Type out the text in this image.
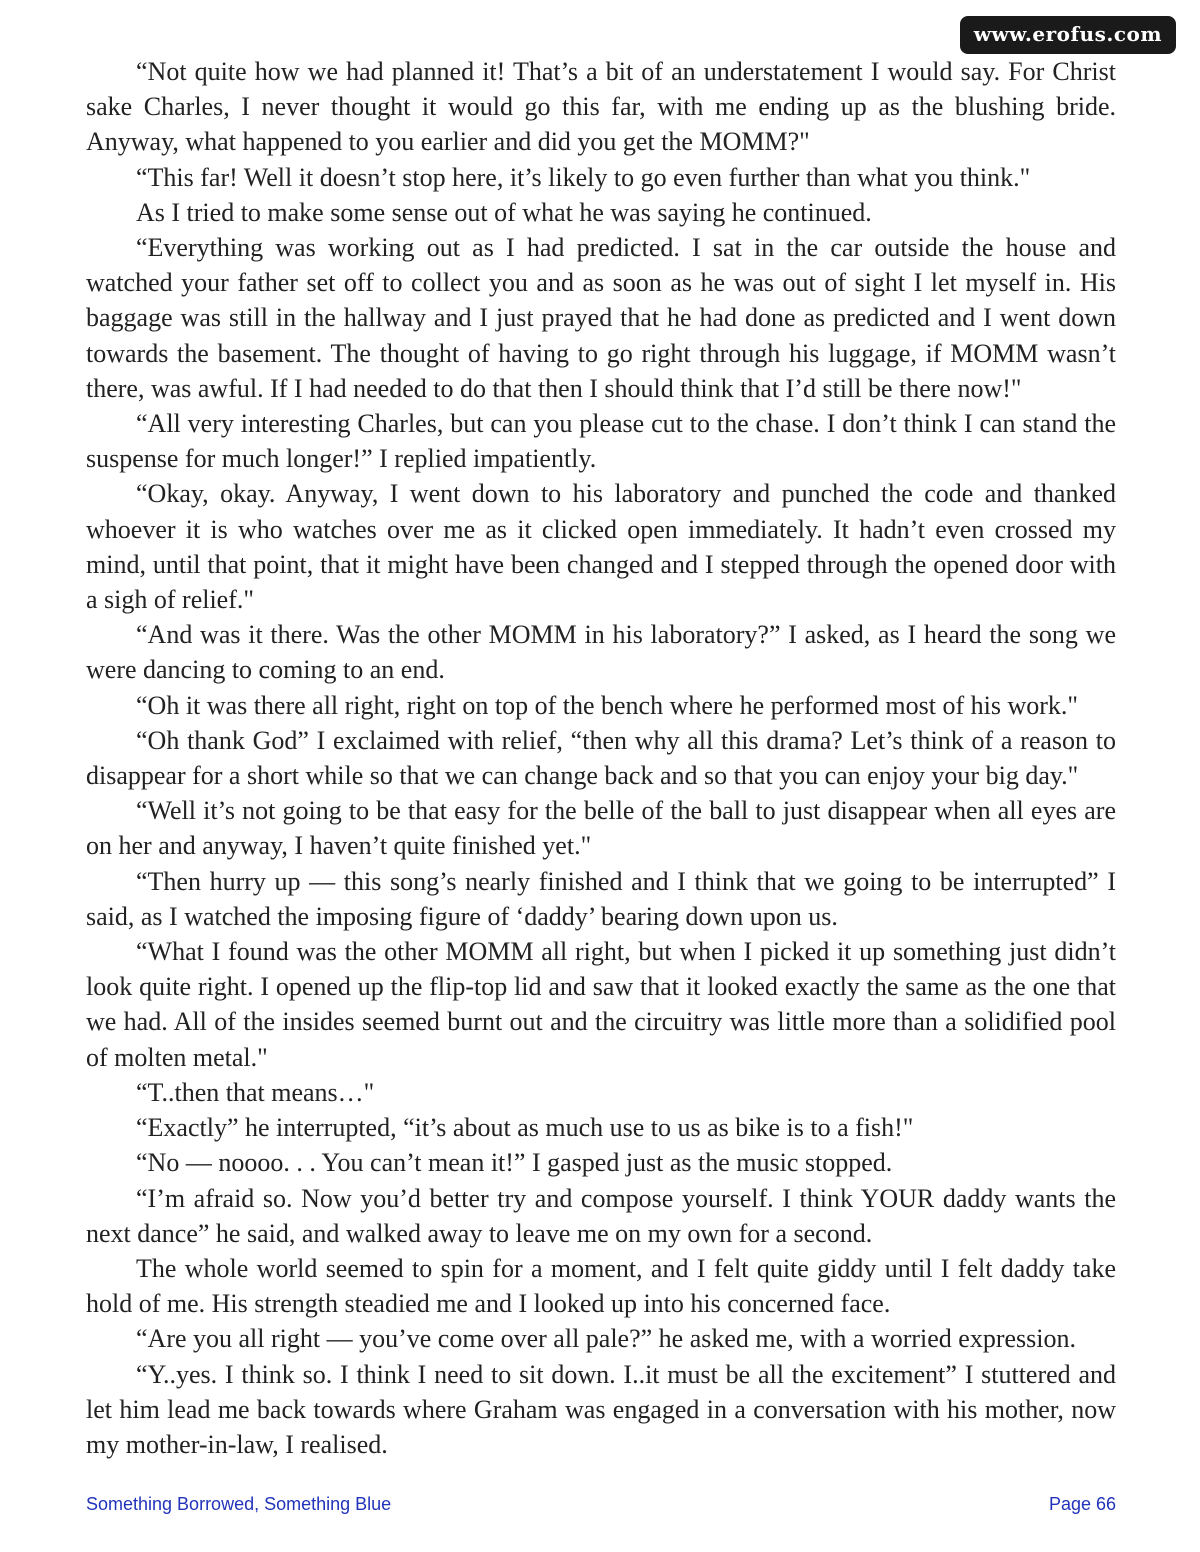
www.erofus.com

“Not quite how we had planned it! That’s a bit of an understatement I would say. For Christ sake Charles, I never thought it would go this far, with me ending up as the blushing bride. Anyway, what happened to you earlier and did you get the MOMM?"

“This far! Well it doesn’t stop here, it’s likely to go even further than what you think."

As I tried to make some sense out of what he was saying he continued.

“Everything was working out as I had predicted. I sat in the car outside the house and watched your father set off to collect you and as soon as he was out of sight I let myself in. His baggage was still in the hallway and I just prayed that he had done as predicted and I went down towards the basement. The thought of having to go right through his luggage, if MOMM wasn’t there, was awful. If I had needed to do that then I should think that I’d still be there now!"

“All very interesting Charles, but can you please cut to the chase. I don’t think I can stand the suspense for much longer!” I replied impatiently.

“Okay, okay. Anyway, I went down to his laboratory and punched the code and thanked whoever it is who watches over me as it clicked open immediately. It hadn’t even crossed my mind, until that point, that it might have been changed and I stepped through the opened door with a sigh of relief."

“And was it there. Was the other MOMM in his laboratory?” I asked, as I heard the song we were dancing to coming to an end.

“Oh it was there all right, right on top of the bench where he performed most of his work."

“Oh thank God” I exclaimed with relief, “then why all this drama? Let’s think of a reason to disappear for a short while so that we can change back and so that you can enjoy your big day."

“Well it’s not going to be that easy for the belle of the ball to just disappear when all eyes are on her and anyway, I haven’t quite finished yet."

“Then hurry up — this song’s nearly finished and I think that we going to be interrupted” I said, as I watched the imposing figure of ‘daddy’ bearing down upon us.

“What I found was the other MOMM all right, but when I picked it up something just didn’t look quite right. I opened up the flip-top lid and saw that it looked exactly the same as the one that we had. All of the insides seemed burnt out and the circuitry was little more than a solidified pool of molten metal."

“T..then that means…"

“Exactly” he interrupted, “it’s about as much use to us as bike is to a fish!"

“No — noooo. . . You can’t mean it!” I gasped just as the music stopped.

“I’m afraid so. Now you’d better try and compose yourself. I think YOUR daddy wants the next dance” he said, and walked away to leave me on my own for a second.

The whole world seemed to spin for a moment, and I felt quite giddy until I felt daddy take hold of me. His strength steadied me and I looked up into his concerned face.

“Are you all right — you’ve come over all pale?” he asked me, with a worried expression.

“Y..yes. I think so. I think I need to sit down. I..it must be all the excitement” I stuttered and let him lead me back towards where Graham was engaged in a conversation with his mother, now my mother-in-law, I realised.

Something Borrowed, Something Blue	Page 66
